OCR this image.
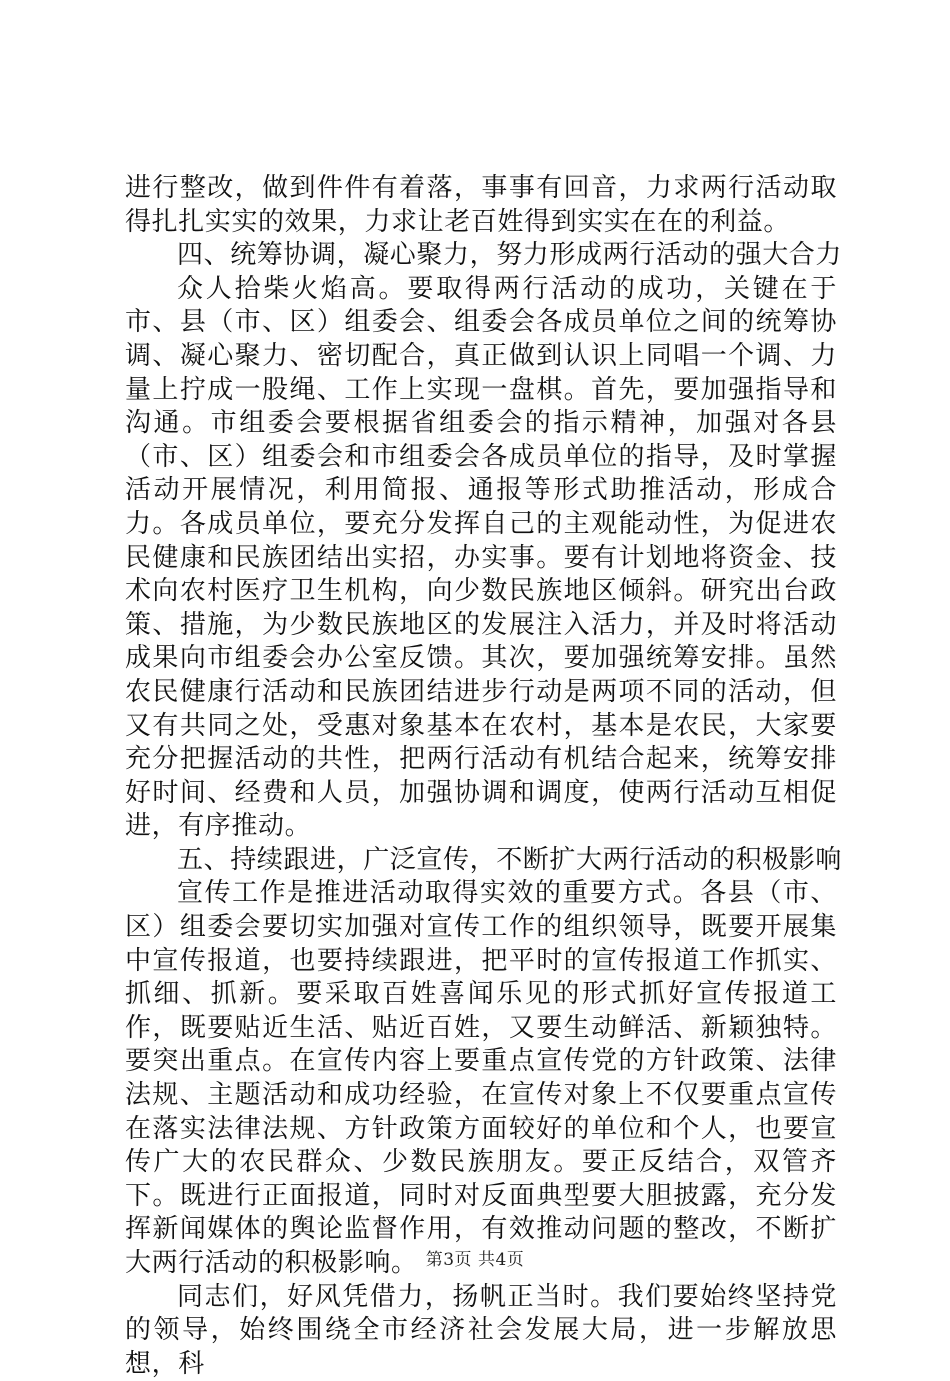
进行整改，做到件件有着落，事事有回音，力求两行活动取得扎扎实实的效果，力求让老百姓得到实实在在的利益。

四、统筹协调，凝心聚力，努力形成两行活动的强大合力

众人拾柴火焰高。要取得两行活动的成功，关键在于市、县（市、区）组委会、组委会各成员单位之间的统筹协调、凝心聚力、密切配合，真正做到认识上同唱一个调、力量上拧成一股绳、工作上实现一盘棋。首先，要加强指导和沟通。市组委会要根据省组委会的指示精神，加强对各县（市、区）组委会和市组委会各成员单位的指导，及时掌握活动开展情况，利用简报、通报等形式助推活动，形成合力。各成员单位，要充分发挥自己的主观能动性，为促进农民健康和民族团结出实招，办实事。要有计划地将资金、技术向农村医疗卫生机构，向少数民族地区倾斜。研究出台政策、措施，为少数民族地区的发展注入活力，并及时将活动成果向市组委会办公室反馈。其次，要加强统筹安排。虽然农民健康行活动和民族团结进步行动是两项不同的活动，但又有共同之处，受惠对象基本在农村，基本是农民，大家要充分把握活动的共性，把两行活动有机结合起来，统筹安排好时间、经费和人员，加强协调和调度，使两行活动互相促进，有序推动。

五、持续跟进，广泛宣传，不断扩大两行活动的积极影响

宣传工作是推进活动取得实效的重要方式。各县（市、区）组委会要切实加强对宣传工作的组织领导，既要开展集中宣传报道，也要持续跟进，把平时的宣传报道工作抓实、抓细、抓新。要采取百姓喜闻乐见的形式抓好宣传报道工作，既要贴近生活、贴近百姓，又要生动鲜活、新颖独特。要突出重点。在宣传内容上要重点宣传党的方针政策、法律法规、主题活动和成功经验，在宣传对象上不仅要重点宣传在落实法律法规、方针政策方面较好的单位和个人，也要宣传广大的农民群众、少数民族朋友。要正反结合，双管齐下。既进行正面报道，同时对反面典型要大胆披露，充分发挥新闻媒体的舆论监督作用，有效推动问题的整改，不断扩大两行活动的积极影响。

同志们，好风凭借力，扬帆正当时。我们要始终坚持党的领导，始终围绕全市经济社会发展大局，进一步解放思想，科

第3页 共4页
